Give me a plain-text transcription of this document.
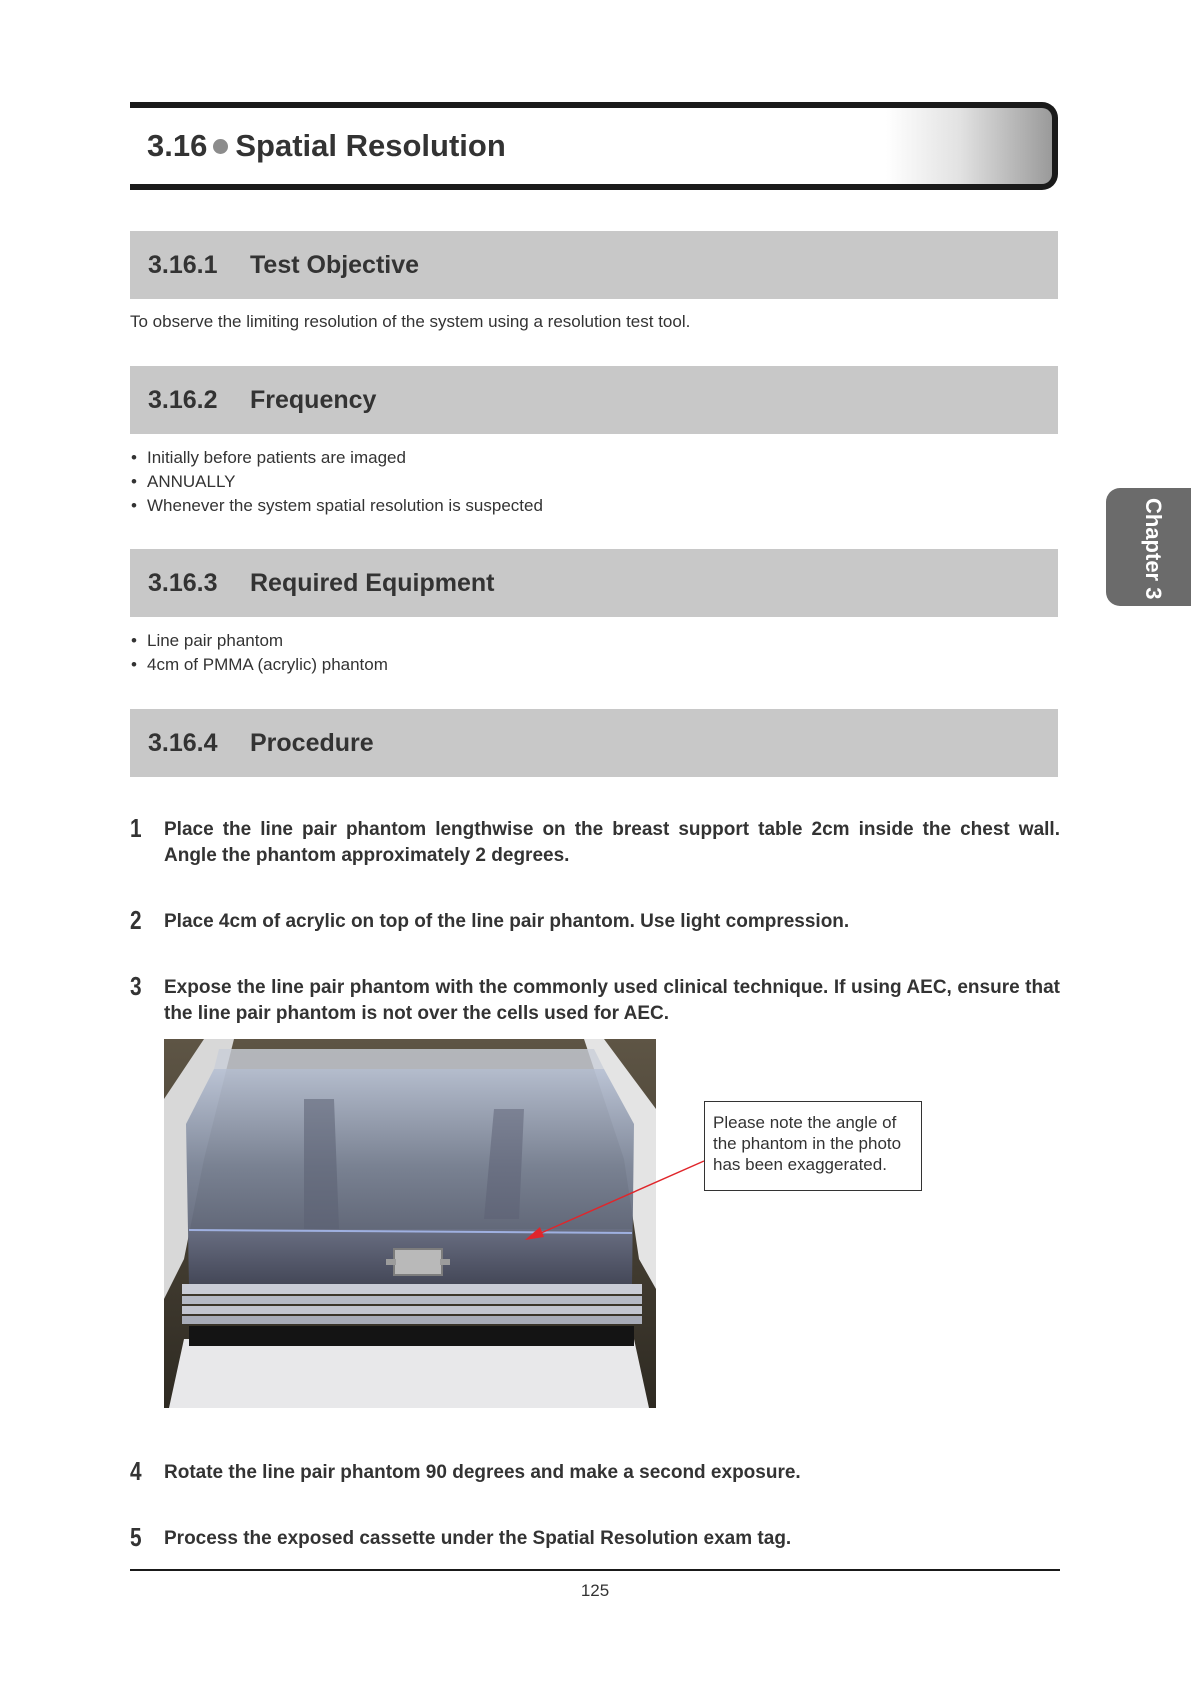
3.16 Spatial Resolution
Chapter 3
3.16.1	Test Objective
To observe the limiting resolution of the system using a resolution test tool.
3.16.2	Frequency
• Initially before patients are imaged
• ANNUALLY
• Whenever the system spatial resolution is suspected
3.16.3	Required Equipment
• Line pair phantom
• 4cm of PMMA (acrylic) phantom
3.16.4	Procedure
1 Place the line pair phantom lengthwise on the breast support table 2cm inside the chest wall. Angle the phantom approximately 2 degrees.
2 Place 4cm of acrylic on top of the line pair phantom. Use light compression.
3 Expose the line pair phantom with the commonly used clinical technique. If using AEC, ensure that the line pair phantom is not over the cells used for AEC.
Please note the angle of
the phantom in the photo
has been exaggerated.
4 Rotate the line pair phantom 90 degrees and make a second exposure.
5 Process the exposed cassette under the Spatial Resolution exam tag.
125
